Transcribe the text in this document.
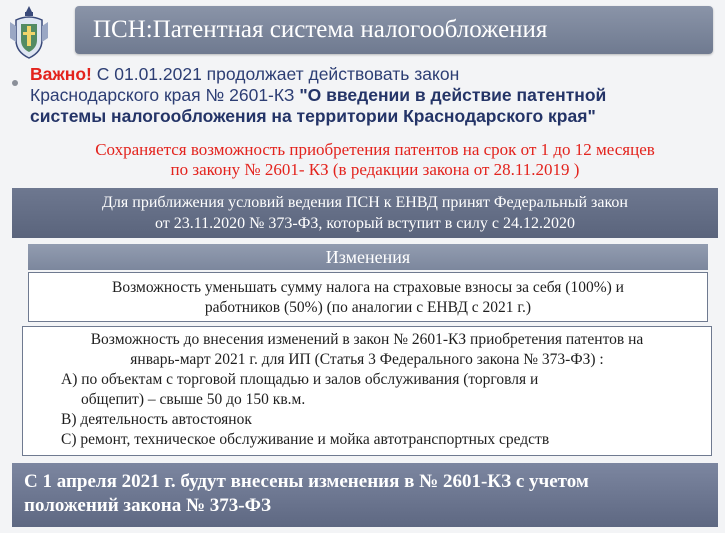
ПСН:Патентная система налогообложения
Важно! С 01.01.2021 продолжает действовать закон
Краснодарского края № 2601-КЗ "О введении в действие патентной
системы налогообложения на территории Краснодарского края"
Сохраняется возможность приобретения патентов на срок от 1 до 12 месяцев
по закону № 2601- КЗ (в редакции закона от 28.11.2019 )
Для приближения условий ведения ПСН к ЕНВД принят Федеральный закон
от 23.11.2020 № 373-ФЗ, который вступит в силу с 24.12.2020
Изменения
Возможность уменьшать сумму налога на страховые взносы за себя (100%) и
работников (50%) (по аналогии с ЕНВД с 2021 г.)
Возможность до внесения изменений в закон № 2601-КЗ приобретения патентов на
январь-март 2021 г. для ИП (Статья 3 Федерального закона № 373-ФЗ) :
А) по объектам с торговой площадью и залов обслуживания (торговля и
общепит) – свыше 50 до 150 кв.м.
В) деятельность автостоянок
С) ремонт, техническое обслуживание и мойка автотранспортных средств
С 1 апреля 2021 г. будут внесены изменения в № 2601-КЗ с учетом
положений закона № 373-ФЗ
